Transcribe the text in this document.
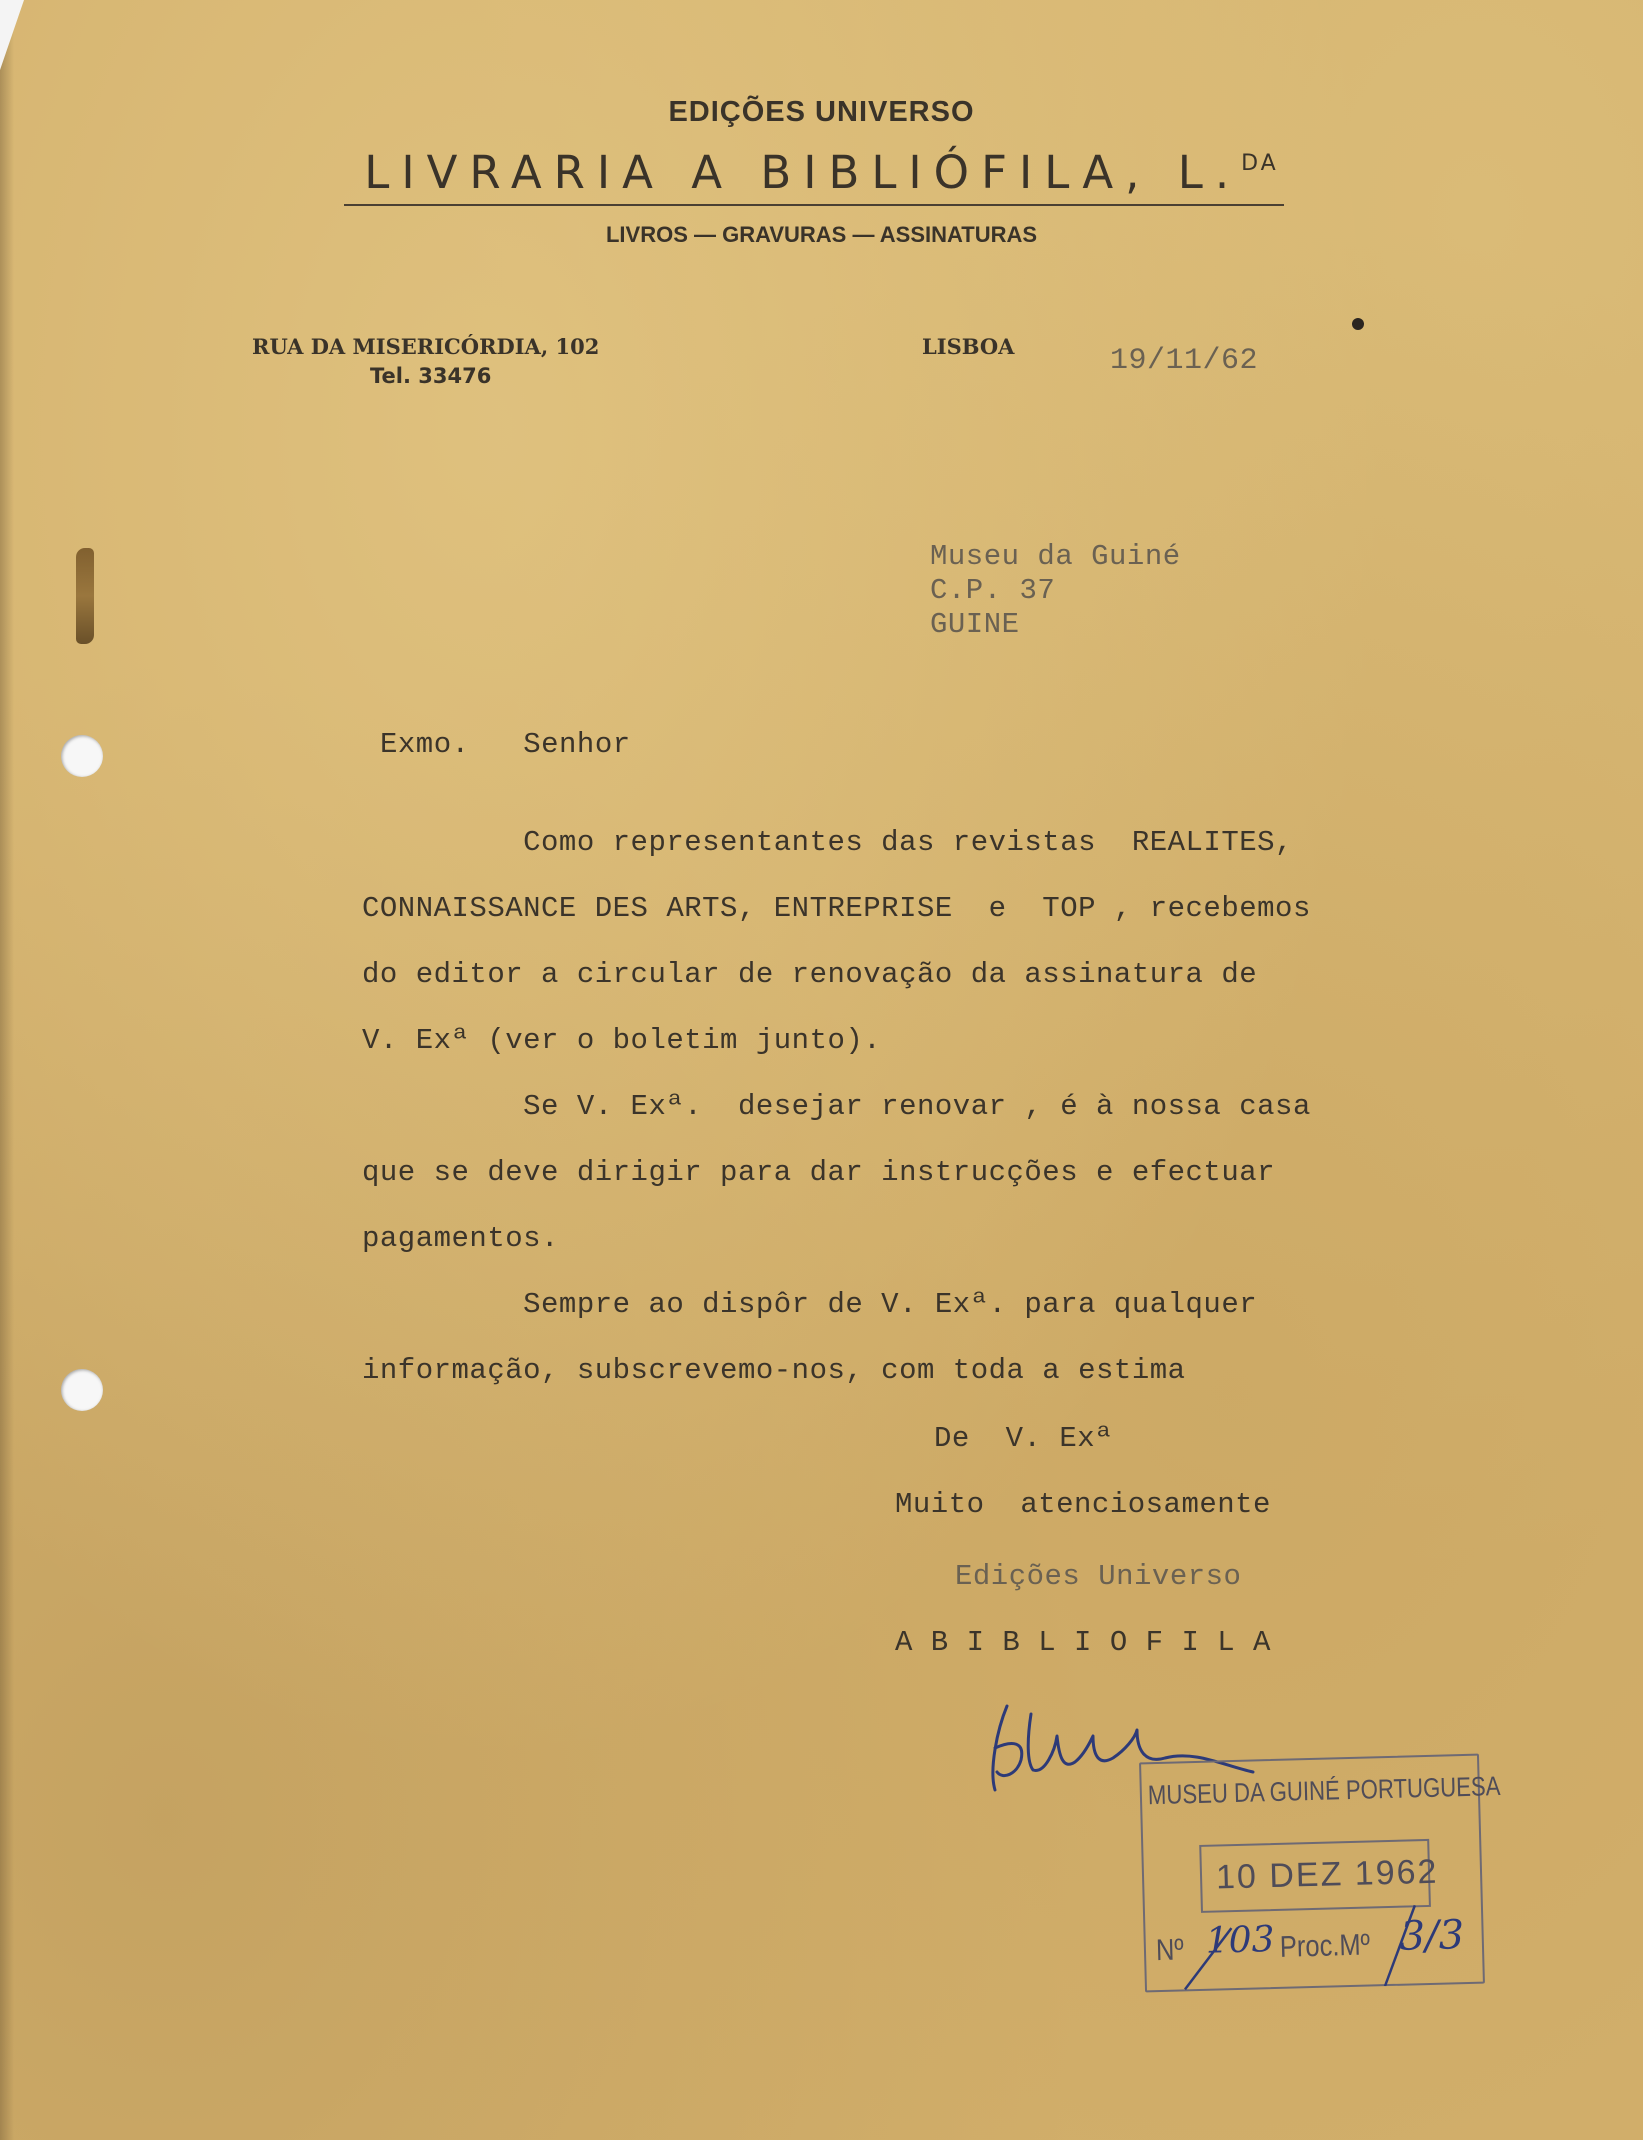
EDIÇÕES UNIVERSO
LIVRARIA A BIBLIÓFILA, L.$^{DA}$
LIVROS — GRAVURAS — ASSINATURAS
RUA DA MISERICÓRDIA, 102
Tel. 33476
LISBOA	19/11/62
Museu da Guiné
C.P. 37
GUINE
Exmo.   Senhor
Como representantes das revistas  REALITES,
CONNAISSANCE DES ARTS, ENTREPRISE  e  TOP , recebemos
do editor a circular de renovação da assinatura de
V. Exª (ver o boletim junto).
Se V. Exª.  desejar renovar , é à nossa casa
que se deve dirigir para dar instrucções e efectuar
pagamentos.
Sempre ao dispôr de V. Exª. para qualquer
informação, subscrevemo-nos, com toda a estima
De  V. Exª
Muito  atenciosamente
Edições Universo
A B I B L I O F I L A
MUSEU DA GUINÉ PORTUGUESA
10 DEZ 1962
Nº 103 Proc.Mº 3/3
